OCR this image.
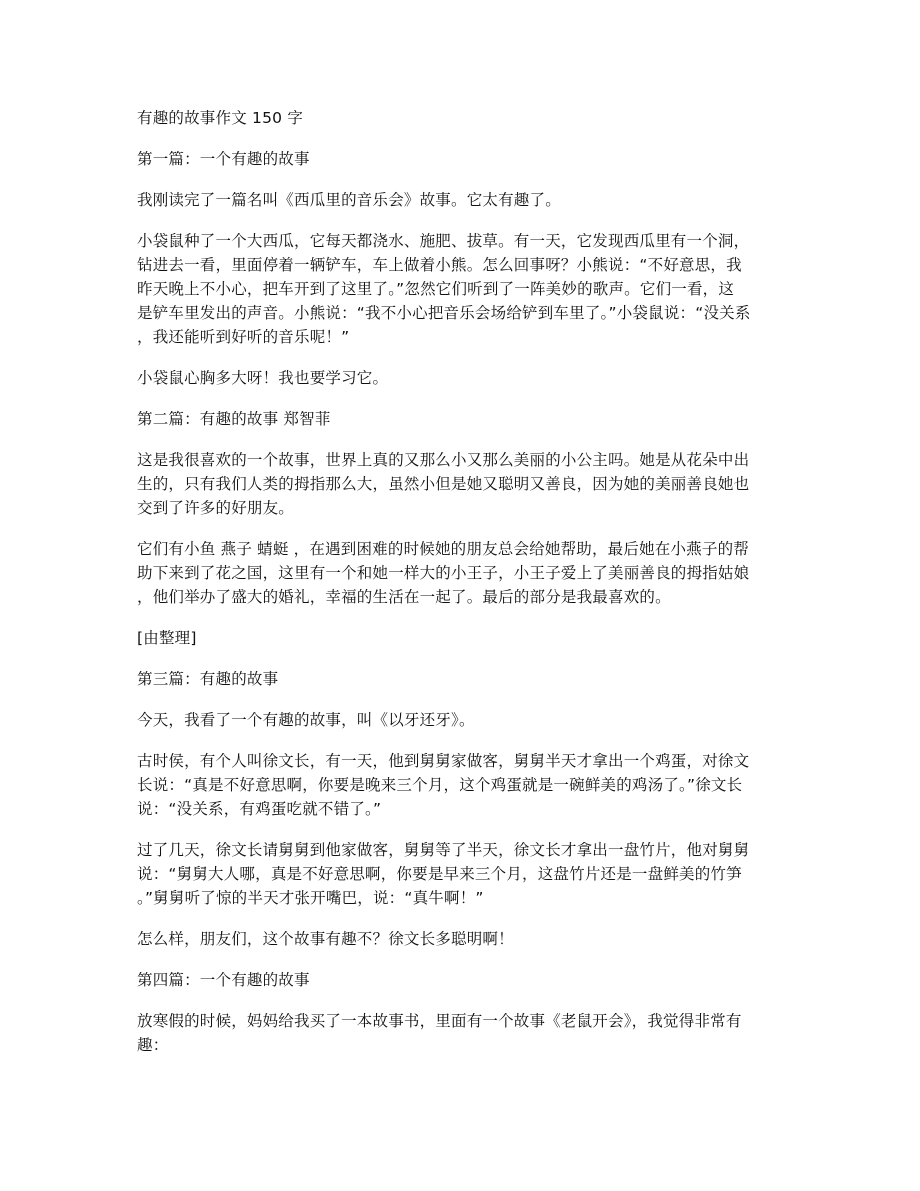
有趣的故事作文 150 字
第一篇：一个有趣的故事
我刚读完了一篇名叫《西瓜里的音乐会》故事。它太有趣了。
小袋鼠种了一个大西瓜，它每天都浇水、施肥、拔草。有一天，它发现西瓜里有一个洞，
钻进去一看，里面停着一辆铲车，车上做着小熊。怎么回事呀？小熊说：“不好意思，我
昨天晚上不小心，把车开到了这里了。”忽然它们听到了一阵美妙的歌声。它们一看，这
是铲车里发出的声音。小熊说：“我不小心把音乐会场给铲到车里了。”小袋鼠说：“没关系
，我还能听到好听的音乐呢！”
小袋鼠心胸多大呀！我也要学习它。
第二篇：有趣的故事 郑智菲
这是我很喜欢的一个故事，世界上真的又那么小又那么美丽的小公主吗。她是从花朵中出
生的，只有我们人类的拇指那么大，虽然小但是她又聪明又善良，因为她的美丽善良她也
交到了许多的好朋友。
它们有小鱼 燕子 蜻蜓 ，在遇到困难的时候她的朋友总会给她帮助，最后她在小燕子的帮
助下来到了花之国，这里有一个和她一样大的小王子，小王子爱上了美丽善良的拇指姑娘
，他们举办了盛大的婚礼，幸福的生活在一起了。最后的部分是我最喜欢的。
[由整理]
第三篇：有趣的故事
今天，我看了一个有趣的故事，叫《以牙还牙》。
古时侯，有个人叫徐文长，有一天，他到舅舅家做客，舅舅半天才拿出一个鸡蛋，对徐文
长说：“真是不好意思啊，你要是晚来三个月，这个鸡蛋就是一碗鲜美的鸡汤了。”徐文长
说：“没关系，有鸡蛋吃就不错了。”
过了几天，徐文长请舅舅到他家做客，舅舅等了半天，徐文长才拿出一盘竹片，他对舅舅
说：“舅舅大人哪，真是不好意思啊，你要是早来三个月，这盘竹片还是一盘鲜美的竹笋
。”舅舅听了惊的半天才张开嘴巴，说：“真牛啊！”
怎么样，朋友们，这个故事有趣不？徐文长多聪明啊！
第四篇：一个有趣的故事
放寒假的时候，妈妈给我买了一本故事书，里面有一个故事《老鼠开会》，我觉得非常有
趣：
